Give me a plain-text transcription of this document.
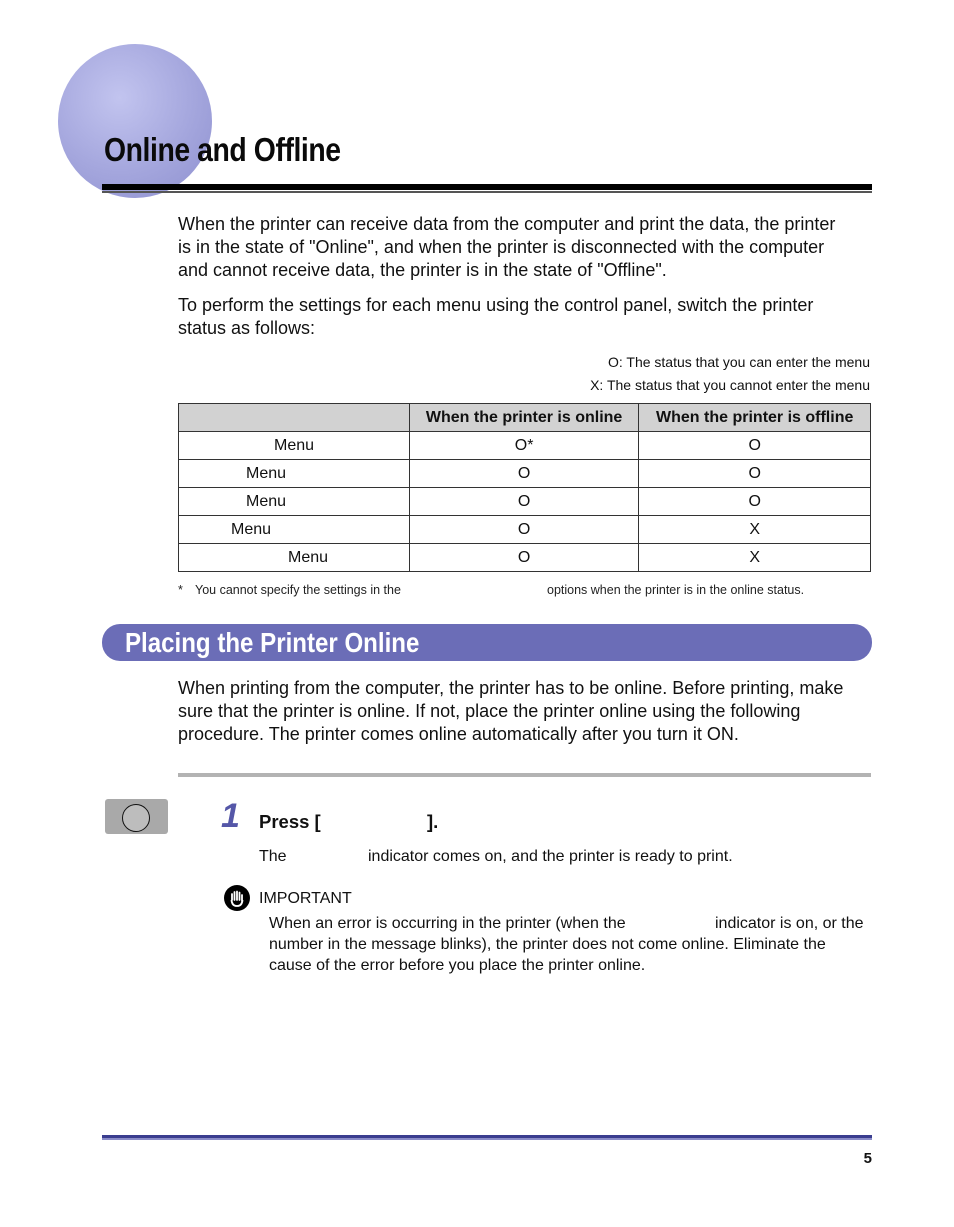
Online and Offline

When the printer can receive data from the computer and print the data, the printer

is in the state of "Online", and when the printer is disconnected with the computer

and cannot receive data, the printer is in the state of "Offline".

To perform the settings for each menu using the control panel, switch the printer

status as follows:

O: The status that you can enter the menu
X: The status that you cannot enter the menu
	When the printer is online	When the printer is offline
Menu	O*	O
Menu	O	O
Menu	O	O
Menu	O	X
Menu	O	X
* You cannot specify the settings in the	options when the printer is in the online status.
Placing the Printer Online

When printing from the computer, the printer has to be online. Before printing, make

sure that the printer is online. If not, place the printer online using the following

procedure. The printer comes online automatically after you turn it ON.

1 Press [	].
The	indicator comes on, and the printer is ready to print.
IMPORTANT
When an error is occurring in the printer (when the	indicator is on, or the
number in the message blinks), the printer does not come online. Eliminate the
cause of the error before you place the printer online.
5
